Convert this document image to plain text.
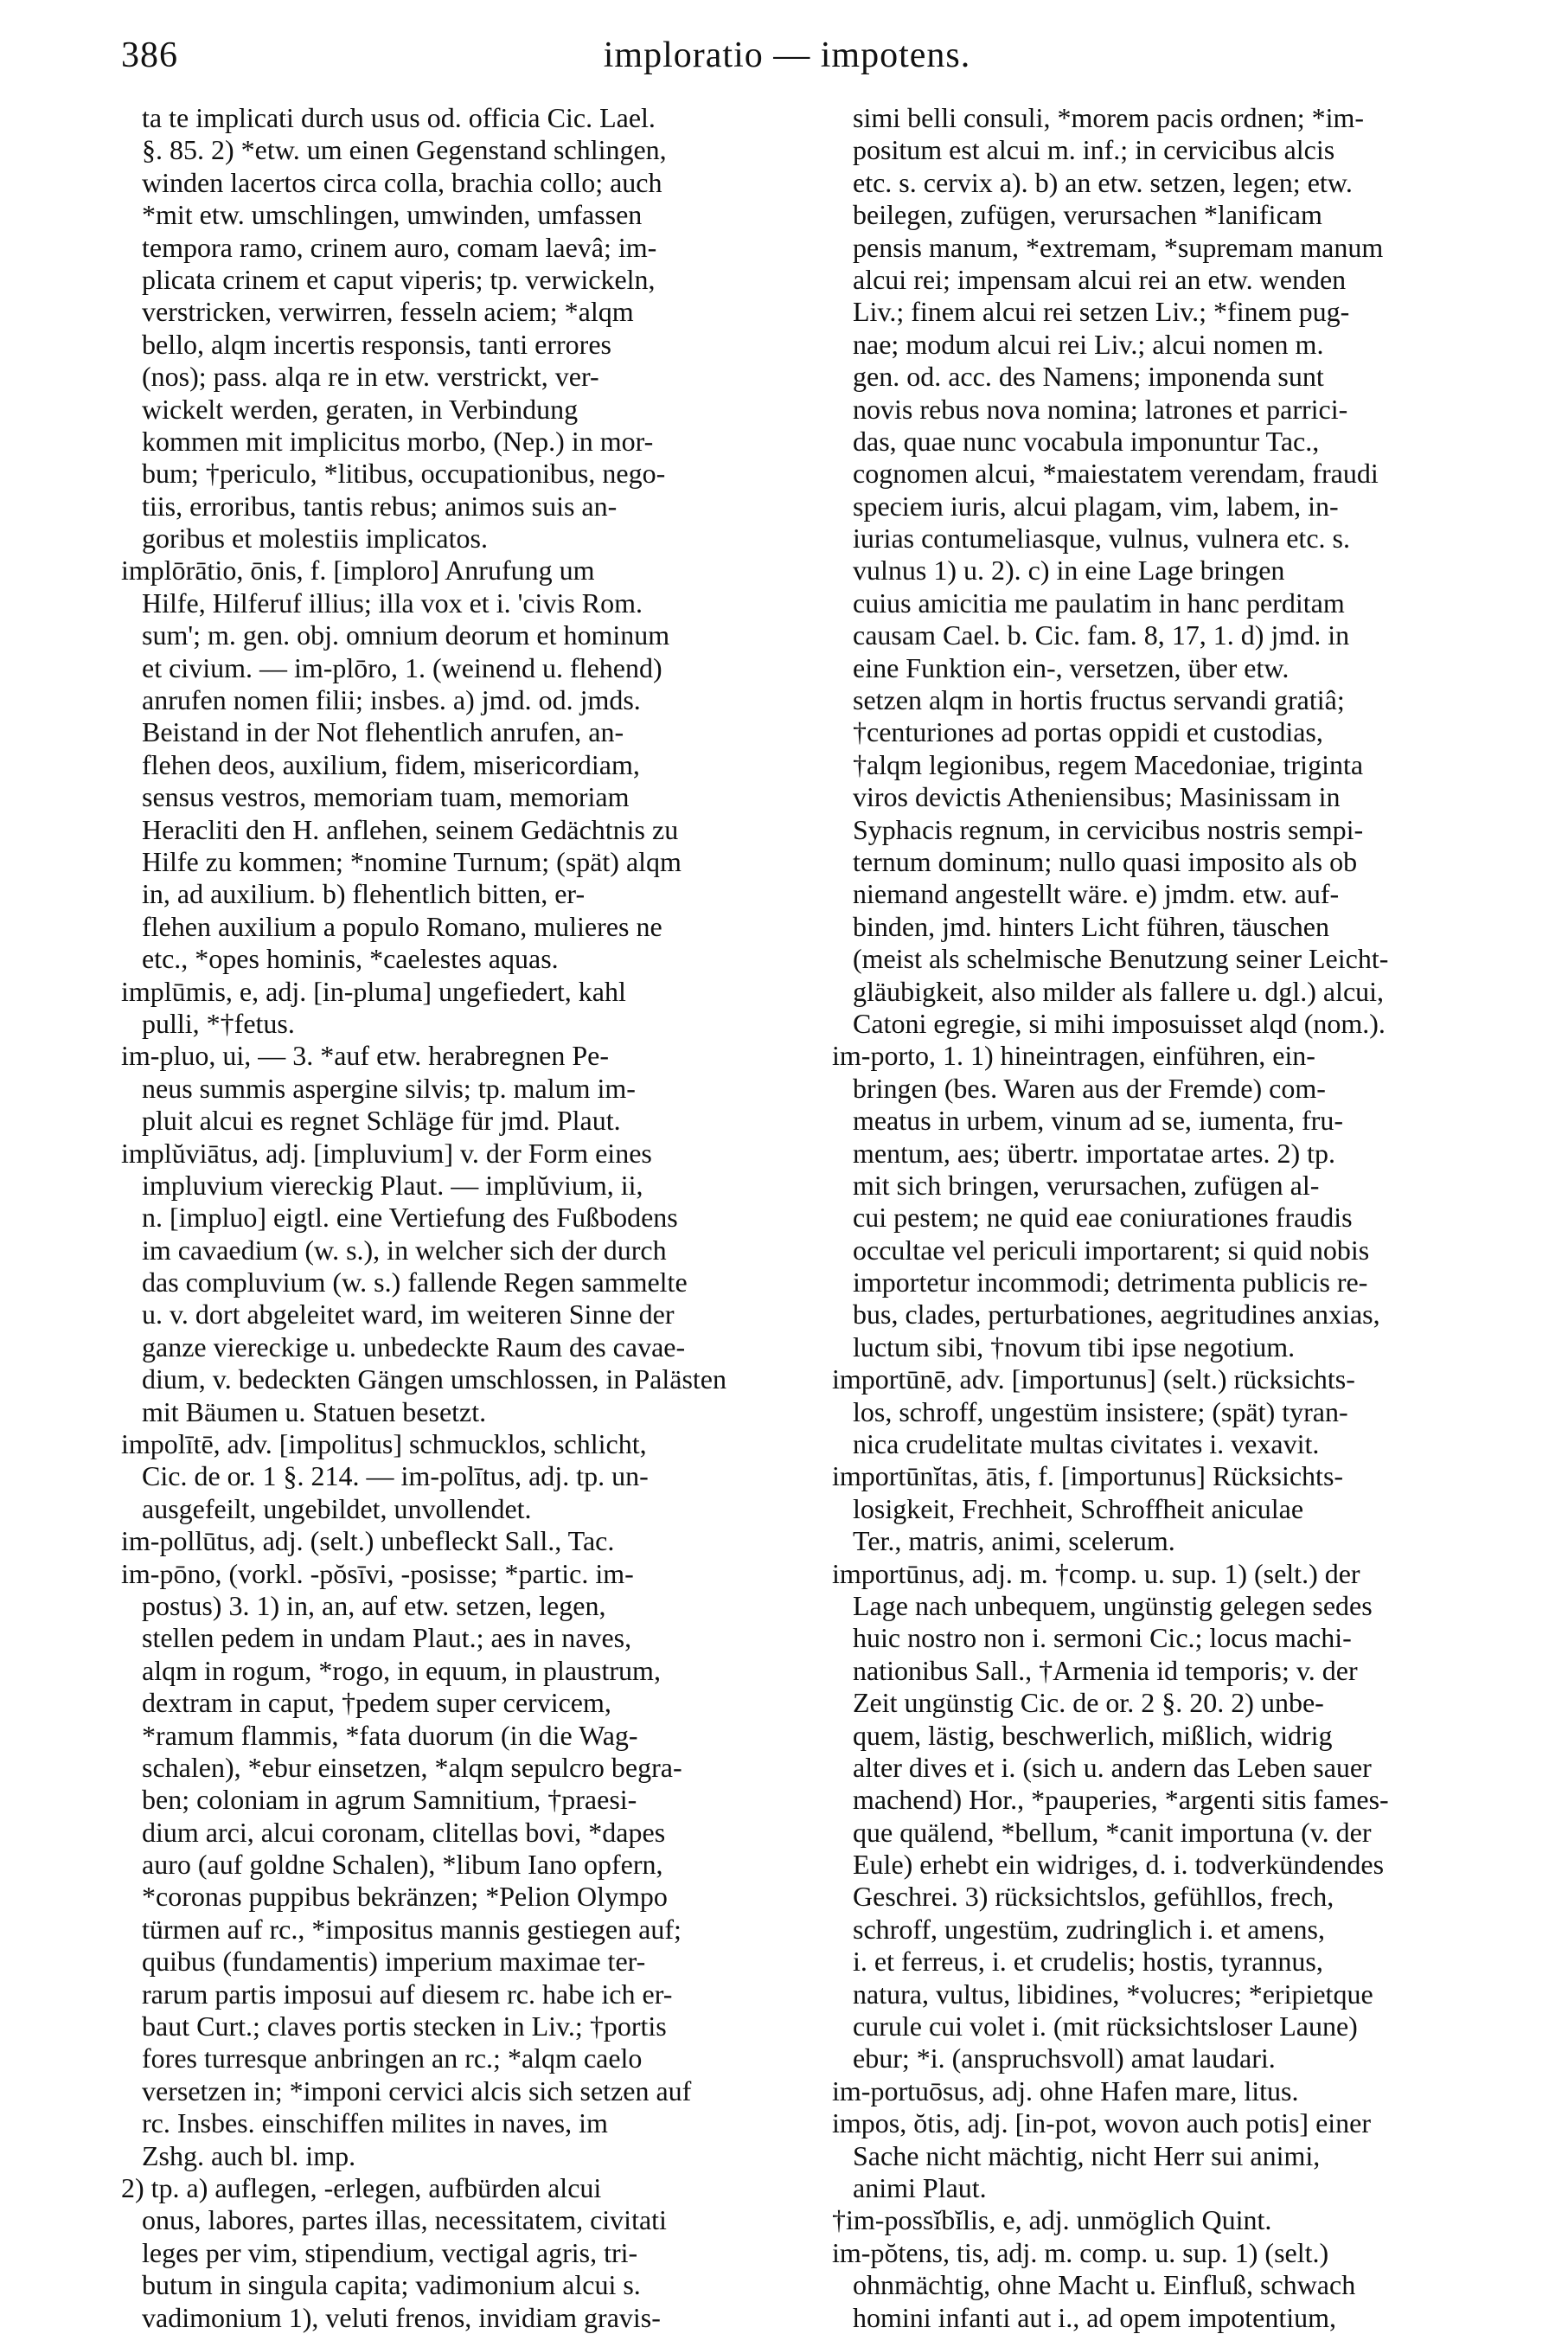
386	imploratio — impotens.
ta te implicati durch usus od. officia Cic. Lael.
§. 85. 2) *etw. um einen Gegenstand schlingen,
winden lacertos circa colla, brachia collo; auch
*mit etw. umschlingen, umwinden, umfassen
tempora ramo, crinem auro, comam laevâ; im-
plicata crinem et caput viperis; tp. verwickeln,
verstricken, verwirren, fesseln aciem; *alqm
bello, alqm incertis responsis, tanti errores
(nos); pass. alqa re in etw. verstrickt, ver-
wickelt werden, geraten, in Verbindung
kommen mit implicitus morbo, (Nep.) in mor-
bum; †periculo, *litibus, occupationibus, nego-
tiis, erroribus, tantis rebus; animos suis an-
goribus et molestiis implicatos.
implōrātio, ōnis, f. [imploro] Anrufung um
Hilfe, Hilferuf illius; illa vox et i. 'civis Rom.
sum'; m. gen. obj. omnium deorum et hominum
et civium. — im-plōro, 1. (weinend u. flehend)
anrufen nomen filii; insbes. a) jmd. od. jmds.
Beistand in der Not flehentlich anrufen, an-
flehen deos, auxilium, fidem, misericordiam,
sensus vestros, memoriam tuam, memoriam
Heracliti den H. anflehen, seinem Gedächtnis zu
Hilfe zu kommen; *nomine Turnum; (spät) alqm
in, ad auxilium. b) flehentlich bitten, er-
flehen auxilium a populo Romano, mulieres ne
etc., *opes hominis, *caelestes aquas.
implūmis, e, adj. [in-pluma] ungefiedert, kahl
pulli, *†fetus.
im-pluo, ui, — 3. *auf etw. herabregnen Pe-
neus summis aspergine silvis; tp. malum im-
pluit alcui es regnet Schläge für jmd. Plaut.
implŭviātus, adj. [impluvium] v. der Form eines
impluvium viereckig Plaut. — implŭvium, ii,
n. [impluo] eigtl. eine Vertiefung des Fußbodens
im cavaedium (w. s.), in welcher sich der durch
das compluvium (w. s.) fallende Regen sammelte
u. v. dort abgeleitet ward, im weiteren Sinne der
ganze viereckige u. unbedeckte Raum des cavae-
dium, v. bedeckten Gängen umschlossen, in Palästen
mit Bäumen u. Statuen besetzt.
impolītē, adv. [impolitus] schmucklos, schlicht,
Cic. de or. 1 §. 214. — im-polītus, adj. tp. un-
ausgefeilt, ungebildet, unvollendet.
im-pollūtus, adj. (selt.) unbefleckt Sall., Tac.
im-pōno, (vorkl. -pŏsīvi, -posisse; *partic. im-
postus) 3. 1) in, an, auf etw. setzen, legen,
stellen pedem in undam Plaut.; aes in naves,
alqm in rogum, *rogo, in equum, in plaustrum,
dextram in caput, †pedem super cervicem,
*ramum flammis, *fata duorum (in die Wag-
schalen), *ebur einsetzen, *alqm sepulcro begra-
ben; coloniam in agrum Samnitium, †praesi-
dium arci, alcui coronam, clitellas bovi, *dapes
auro (auf goldne Schalen), *libum Iano opfern,
*coronas puppibus bekränzen; *Pelion Olympo
türmen auf rc., *impositus mannis gestiegen auf;
quibus (fundamentis) imperium maximae ter-
rarum partis imposui auf diesem rc. habe ich er-
baut Curt.; claves portis stecken in Liv.; †portis
fores turresque anbringen an rc.; *alqm caelo
versetzen in; *imponi cervici alcis sich setzen auf
rc. Insbes. einschiffen milites in naves, im
Zshg. auch bl. imp.
2) tp. a) auflegen, -erlegen, aufbürden alcui
onus, labores, partes illas, necessitatem, civitati
leges per vim, stipendium, vectigal agris, tri-
butum in singula capita; vadimonium alcui s.
vadimonium 1), veluti frenos, invidiam gravis-
simi belli consuli, *morem pacis ordnen; *im-
positum est alcui m. inf.; in cervicibus alcis
etc. s. cervix a). b) an etw. setzen, legen; etw.
beilegen, zufügen, verursachen *lanificam
pensis manum, *extremam, *supremam manum
alcui rei; impensam alcui rei an etw. wenden
Liv.; finem alcui rei setzen Liv.; *finem pug-
nae; modum alcui rei Liv.; alcui nomen m.
gen. od. acc. des Namens; imponenda sunt
novis rebus nova nomina; latrones et parrici-
das, quae nunc vocabula imponuntur Tac.,
cognomen alcui, *maiestatem verendam, fraudi
speciem iuris, alcui plagam, vim, labem, in-
iurias contumeliasque, vulnus, vulnera etc. s.
vulnus 1) u. 2). c) in eine Lage bringen
cuius amicitia me paulatim in hanc perditam
causam Cael. b. Cic. fam. 8, 17, 1. d) jmd. in
eine Funktion ein-, versetzen, über etw.
setzen alqm in hortis fructus servandi gratiâ;
†centuriones ad portas oppidi et custodias,
†alqm legionibus, regem Macedoniae, triginta
viros devictis Atheniensibus; Masinissam in
Syphacis regnum, in cervicibus nostris sempi-
ternum dominum; nullo quasi imposito als ob
niemand angestellt wäre. e) jmdm. etw. auf-
binden, jmd. hinters Licht führen, täuschen
(meist als schelmische Benutzung seiner Leicht-
gläubigkeit, also milder als fallere u. dgl.) alcui,
Catoni egregie, si mihi imposuisset alqd (nom.).
im-porto, 1. 1) hineintragen, einführen, ein-
bringen (bes. Waren aus der Fremde) com-
meatus in urbem, vinum ad se, iumenta, fru-
mentum, aes; übertr. importatae artes. 2) tp.
mit sich bringen, verursachen, zufügen al-
cui pestem; ne quid eae coniurationes fraudis
occultae vel periculi importarent; si quid nobis
importetur incommodi; detrimenta publicis re-
bus, clades, perturbationes, aegritudines anxias,
luctum sibi, †novum tibi ipse negotium.
importūnē, adv. [importunus] (selt.) rücksichts-
los, schroff, ungestüm insistere; (spät) tyran-
nica crudelitate multas civitates i. vexavit.
importūnĭtas, ātis, f. [importunus] Rücksichts-
losigkeit, Frechheit, Schroffheit aniculae
Ter., matris, animi, scelerum.
importūnus, adj. m. †comp. u. sup. 1) (selt.) der
Lage nach unbequem, ungünstig gelegen sedes
huic nostro non i. sermoni Cic.; locus machi-
nationibus Sall., †Armenia id temporis; v. der
Zeit ungünstig Cic. de or. 2 §. 20. 2) unbe-
quem, lästig, beschwerlich, mißlich, widrig
alter dives et i. (sich u. andern das Leben sauer
machend) Hor., *pauperies, *argenti sitis fames-
que quälend, *bellum, *canit importuna (v. der
Eule) erhebt ein widriges, d. i. todverkündendes
Geschrei. 3) rücksichtslos, gefühllos, frech,
schroff, ungestüm, zudringlich i. et amens,
i. et ferreus, i. et crudelis; hostis, tyrannus,
natura, vultus, libidines, *volucres; *eripietque
curule cui volet i. (mit rücksichtsloser Laune)
ebur; *i. (anspruchsvoll) amat laudari.
im-portuōsus, adj. ohne Hafen mare, litus.
impos, ŏtis, adj. [in-pot, wovon auch potis] einer
Sache nicht mächtig, nicht Herr sui animi,
animi Plaut.
†im-possĭbĭlis, e, adj. unmöglich Quint.
im-pŏtens, tis, adj. m. comp. u. sup. 1) (selt.)
ohnmächtig, ohne Macht u. Einfluß, schwach
homini infanti aut i., ad opem impotentium,
